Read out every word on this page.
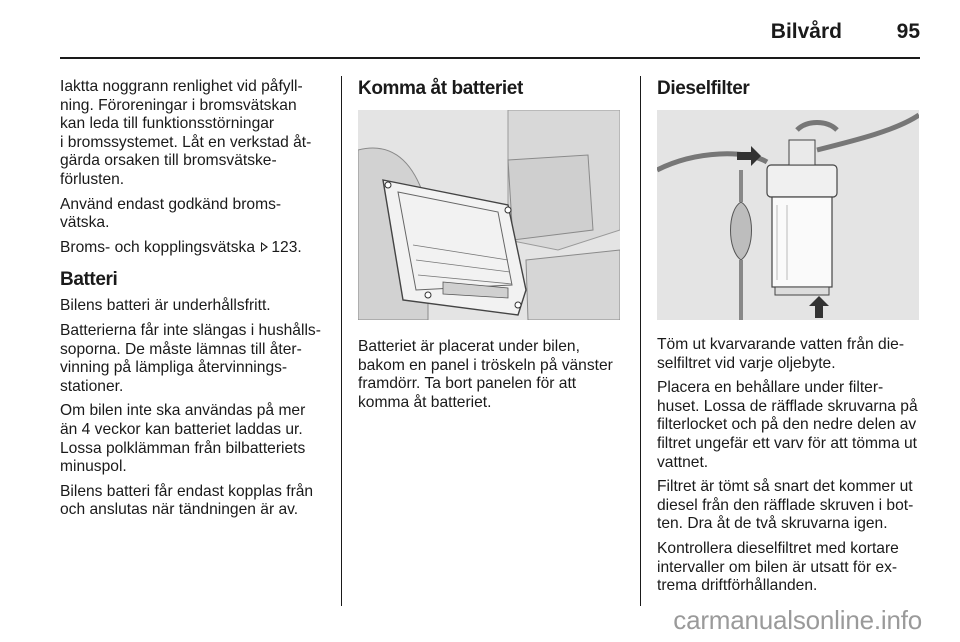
Bilvård	95

Iaktta noggrann renlighet vid påfyll-
ning. Föroreningar i bromsvätskan
kan leda till funktionsstörningar
i bromssystemet. Låt en verkstad åt-
gärda orsaken till bromsvätske-
förlusten.

Använd endast godkänd broms-
vätska.

Broms- och kopplingsvätska 123.

Batteri

Bilens batteri är underhållsfritt.

Batterierna får inte slängas i hushålls-
soporna. De måste lämnas till åter-
vinning på lämpliga återvinnings-
stationer.

Om bilen inte ska användas på mer
än 4 veckor kan batteriet laddas ur.
Lossa polklämman från bilbatteriets
minuspol.

Bilens batteri får endast kopplas från
och anslutas när tändningen är av.

Komma åt batteriet

Batteriet är placerat under bilen,
bakom en panel i tröskeln på vänster
framdörr. Ta bort panelen för att
komma åt batteriet.

Dieselfilter

Töm ut kvarvarande vatten från die-
selfiltret vid varje oljebyte.

Placera en behållare under filter-
huset. Lossa de räfflade skruvarna på
filterlocket och på den nedre delen av
filtret ungefär ett varv för att tömma ut
vattnet.

Filtret är tömt så snart det kommer ut
diesel från den räfflade skruven i bot-
ten. Dra åt de två skruvarna igen.

Kontrollera dieselfiltret med kortare
intervaller om bilen är utsatt för ex-
trema driftförhållanden.

carmanualsonline.info
